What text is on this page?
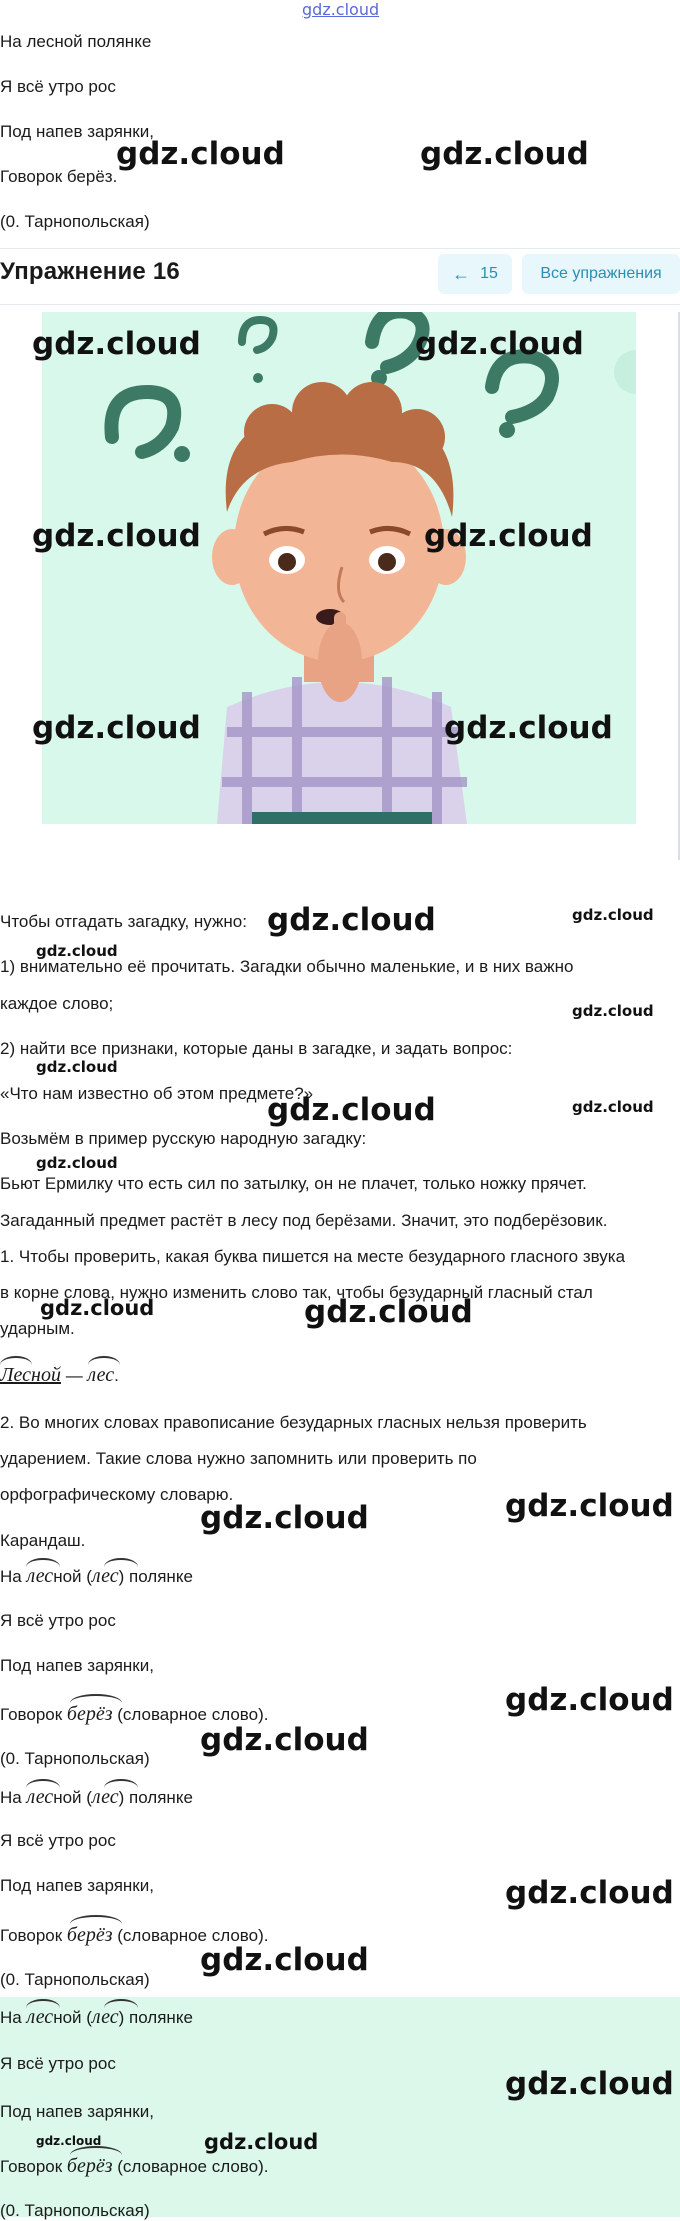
gdz.cloud
На лесной полянке
Я всё утро рос
Под напев зарянки,
Говорок берёз.
(0. Тарнопольская)
gdz.cloud	gdz.cloud
Упражнение 16	← 15	Все упражнения
gdz.cloud	gdz.cloud
gdz.cloud	gdz.cloud
gdz.cloud	gdz.cloud
Чтобы отгадать загадку, нужно:
1) внимательно её прочитать. Загадки обычно маленькие, и в них важно
каждое слово;
2) найти все признаки, которые даны в загадке, и задать вопрос:
«Что нам известно об этом предмете?»
Возьмём в пример русскую народную загадку:
Бьют Ермилку что есть сил по затылку, он не плачет, только ножку прячет.
Загаданный предмет растёт в лесу под берёзами. Значит, это подберёзовик.
1. Чтобы проверить, какая буква пишется на месте безударного гласного звука
в корне слова, нужно изменить слово так, чтобы безударный гласный стал
ударным.
Лесной — лес.
2. Во многих словах правописание безударных гласных нельзя проверить
ударением. Такие слова нужно запомнить или проверить по
орфографическому словарю.
Карандаш.
gdz.cloud
gdz.cloud
gdz.cloud
gdz.cloud
gdz.cloud
gdz.cloud
gdz.cloud
gdz.cloud
gdz.cloud
gdz.cloud
gdz.cloud	gdz.cloud
На лесной (лес) полянке
Я всё утро рос
Под напев зарянки,
Говорок берёз (словарное слово).
(0. Тарнопольская)
gdz.cloud
gdz.cloud
На лесной (лес) полянке
Я всё утро рос
Под напев зарянки,
Говорок берёз (словарное слово).
(0. Тарнопольская)
gdz.cloud
gdz.cloud
На лесной (лес) полянке
Я всё утро рос
Под напев зарянки,
Говорок берёз (словарное слово).
(0. Тарнопольская)
gdz.cloud
gdz.cloud
gdz.cloud
